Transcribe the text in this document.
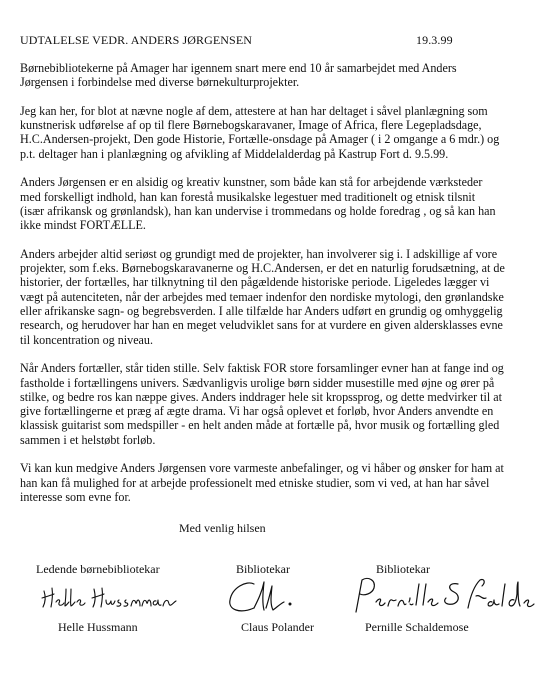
UDTALELSE VEDR. ANDERS JØRGENSEN	19.3.99

Børnebibliotekerne på Amager har igennem snart mere end 10 år samarbejdet med Anders
Jørgensen i forbindelse med diverse børnekulturprojekter.

Jeg kan her, for blot at nævne nogle af dem, attestere at han har deltaget i såvel planlægning som
kunstnerisk udførelse af op til flere Børnebogskaravaner, Image of Africa, flere Legepladsdage,
H.C.Andersen-projekt, Den gode Historie, Fortælle-onsdage på Amager ( i 2 omgange a 6 mdr.) og
p.t. deltager han i planlægning og afvikling af Middelalderdag på Kastrup Fort d. 9.5.99.

Anders Jørgensen er en alsidig og kreativ kunstner, som både kan stå for arbejdende værksteder
med forskelligt indhold, han kan forestå musikalske legestuer med traditionelt og etnisk tilsnit
(især afrikansk og grønlandsk), han kan undervise i trommedans og holde foredrag , og så kan han
ikke mindst FORTÆLLE.

Anders arbejder altid seriøst og grundigt med de projekter, han involverer sig i. I adskillige af vore
projekter, som f.eks. Børnebogskaravanerne og H.C.Andersen, er det en naturlig forudsætning, at de
historier, der fortælles, har tilknytning til den pågældende historiske periode. Ligeledes lægger vi
vægt på autenciteten, når der arbejdes med temaer indenfor den nordiske mytologi, den grønlandske
eller afrikanske sagn- og begrebsverden. I alle tilfælde har Anders udført en grundig og omhyggelig
research, og herudover har han en meget veludviklet sans for at vurdere en given aldersklasses evne
til koncentration og niveau.

Når Anders fortæller, står tiden stille. Selv faktisk FOR store forsamlinger evner han at fange ind og
fastholde i fortællingens univers. Sædvanligvis urolige børn sidder musestille med øjne og ører på
stilke, og bedre ros kan næppe gives. Anders inddrager hele sit kropssprog, og dette medvirker til at
give fortællingerne et præg af ægte drama. Vi har også oplevet et forløb, hvor Anders anvendte en
klassisk guitarist som medspiller - en helt anden måde at fortælle på, hvor musik og fortælling gled
sammen i et helstøbt forløb.

Vi kan kun medgive Anders Jørgensen vore varmeste anbefalinger, og vi håber og ønsker for ham at
han kan få mulighed for at arbejde professionelt med etniske studier, som vi ved, at han har såvel
interesse som evne for.

Med venlig hilsen
Ledende børnebibliotekar
Helle Hussmann
Bibliotekar
Claus Polander
Bibliotekar
Pernille Schaldemose
